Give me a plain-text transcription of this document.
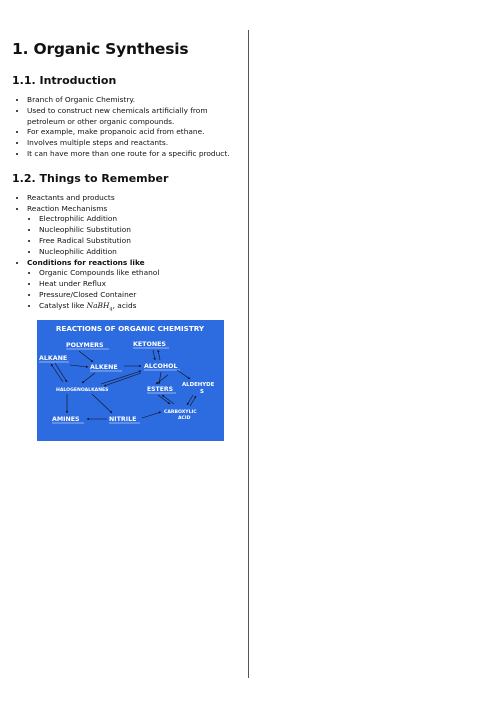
1. Organic Synthesis
1.1. Introduction
• Branch of Organic Chemistry.
• Used to construct new chemicals artificially from petroleum or other organic compounds.
• For example, make propanoic acid from ethane.
• Involves multiple steps and reactants.
• It can have more than one route for a specific product.
1.2. Things to Remember
• Reactants and products
• Reaction Mechanisms
• Electrophilic Addition
• Nucleophilic Substitution
• Free Radical Substitution
• Nucleophilic Addition
• Conditions for reactions like
• Organic Compounds like ethanol
• Heat under Reflux
• Pressure/Closed Container
• Catalyst like NaBH$_4$, acids
REACTIONS OF ORGANIC CHEMISTRY
POLYMERS	KETONES
ALKANE
ALKENE	ALCOHOL
HALOGENOALKANES	ESTERS
ALDEHYDE S
CARBOXYLIC ACID
AMINES	NITRILE
